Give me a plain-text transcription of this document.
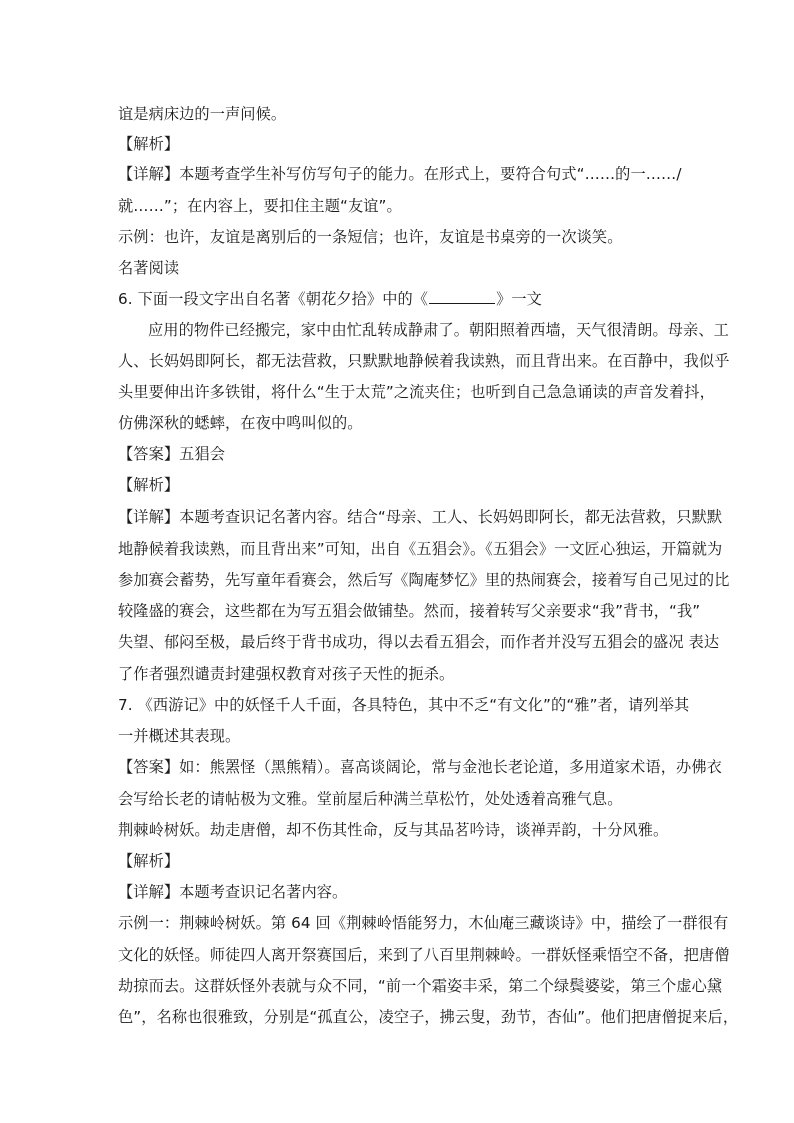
谊是病床边的一声问候。
【解析】
【详解】本题考查学生补写仿写句子的能力。在形式上，要符合句式“……的一……/
就……”；在内容上，要扣住主题“友谊”。
示例：也许，友谊是离别后的一条短信；也许，友谊是书桌旁的一次谈笑。
名著阅读
6. 下面一段文字出自名著《朝花夕拾》中的《	》一文
应用的物件已经搬完，家中由忙乱转成静肃了。朝阳照着西墙，天气很清朗。母亲、工
人、长妈妈即阿长，都无法营救，只默默地静候着我读熟，而且背出来。在百静中，我似乎
头里要伸出许多铁钳，将什么“生于太荒”之流夹住；也听到自己急急诵读的声音发着抖，
仿佛深秋的蟋蟀，在夜中鸣叫似的。
【答案】五猖会
【解析】
【详解】本题考查识记名著内容。结合“母亲、工人、长妈妈即阿长，都无法营救，只默默
地静候着我读熟，而且背出来”可知，出自《五猖会》。《五猖会》一文匠心独运，开篇就为
参加赛会蓄势，先写童年看赛会，然后写《陶庵梦忆》里的热闹赛会，接着写自己见过的比
较隆盛的赛会，这些都在为写五猖会做铺垫。然而，接着转写父亲要求“我”背书，“我”
失望、郁闷至极，最后终于背书成功，得以去看五猖会，而作者并没写五猖会的盛况 表达
了作者强烈谴责封建强权教育对孩子天性的扼杀。
7. 《西游记》中的妖怪千人千面，各具特色，其中不乏“有文化”的“雅”者，请列举其
一并概述其表现。
【答案】如：熊罴怪（黑熊精）。喜高谈阔论，常与金池长老论道，多用道家术语，办佛衣
会写给长老的请帖极为文雅。堂前屋后种满兰草松竹，处处透着高雅气息。
荆棘岭树妖。劫走唐僧，却不伤其性命，反与其品茗吟诗，谈禅弄韵，十分风雅。
【解析】
【详解】本题考查识记名著内容。
示例一：荆棘岭树妖。第 64 回《荆棘岭悟能努力，木仙庵三藏谈诗》中，描绘了一群很有
文化的妖怪。师徒四人离开祭赛国后，来到了八百里荆棘岭。一群妖怪乘悟空不备，把唐僧
劫掠而去。这群妖怪外表就与众不同，“前一个霜姿丰采，第二个绿鬓婆娑，第三个虚心黛
色”，名称也很雅致，分别是“孤直公，凌空子，拂云叟，劲节，杏仙”。他们把唐僧捉来后，
